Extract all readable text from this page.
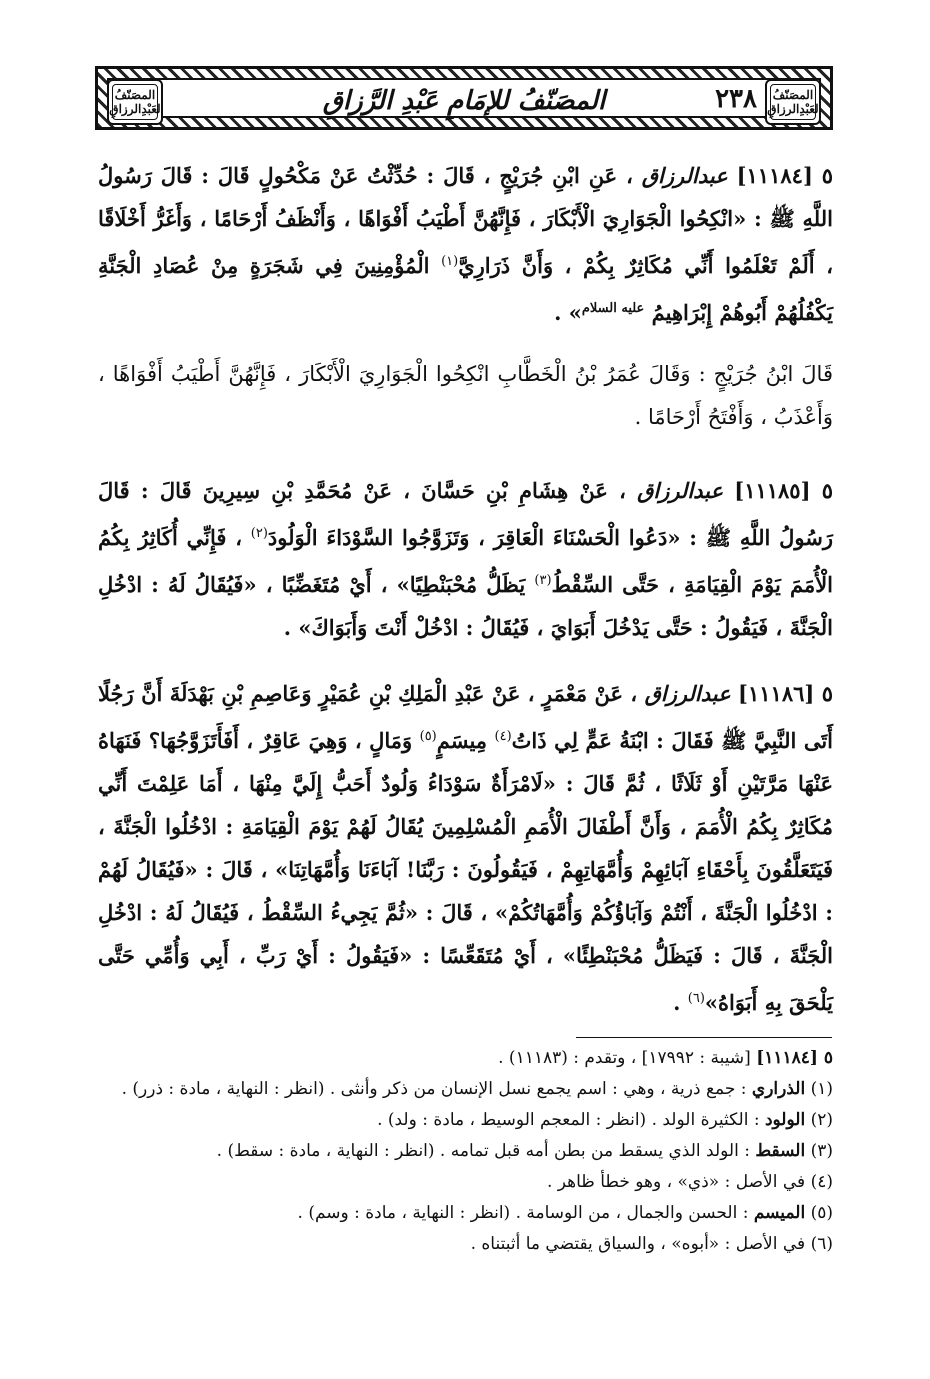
المصَنّفُ لعَبْدِالرزاقِ
المصَنّفُ لعَبْدِالرزاقِ	٢٣٨
المصَنّفُ للإمَامِ عَبْدِ الرَّزاقِ
٥ [١١١٨٤] عبدالرزاق ، عَنِ ابْنِ جُرَيْجٍ ، قَالَ : حُدِّثْتُ عَنْ مَكْحُولٍ قَالَ : قَالَ رَسُولُ اللَّهِ ﷺ : «انْكِحُوا الْجَوَارِيَ الْأَبْكَارَ ، فَإِنَّهُنَّ أَطْيَبُ أَفْوَاهًا ، وَأَنْظَفُ أَرْحَامًا ، وَأَغَرُّ أَخْلَاقًا ، أَلَمْ تَعْلَمُوا أَنِّي مُكَاثِرٌ بِكُمْ ، وَأَنَّ ذَرَارِيَّ$^{(١)}$ الْمُؤْمِنِينَ فِي شَجَرَةٍ مِنْ عُصَادِ الْجَنَّةِ يَكْفُلُهُمْ أَبُوهُمْ إِبْرَاهِيمُ $^{عليه السلام}$» .
قَالَ ابْنُ جُرَيْجٍ : وَقَالَ عُمَرُ بْنُ الْخَطَّابِ انْكِحُوا الْجَوَارِيَ الْأَبْكَارَ ، فَإِنَّهُنَّ أَطْيَبُ أَفْوَاهًا ، وَأَعْذَبُ ، وَأَفْتَحُ أَرْحَامًا .
٥ [١١١٨٥] عبدالرزاق ، عَنْ هِشَامِ بْنِ حَسَّانَ ، عَنْ مُحَمَّدِ بْنِ سِيرِينَ قَالَ : قَالَ رَسُولُ اللَّهِ ﷺ : «دَعُوا الْحَسْنَاءَ الْعَاقِرَ ، وَتَزَوَّجُوا السَّوْدَاءَ الْوَلُودَ$^{(٢)}$ ، فَإِنِّي أُكَاثِرُ بِكُمُ الْأُمَمَ يَوْمَ الْقِيَامَةِ ، حَتَّى السِّقْطُ$^{(٣)}$ يَظَلُّ مُحْبَنْطِيًا» ، أَيْ مُتَغَضِّبًا ، «فَيُقَالُ لَهُ : ادْخُلِ الْجَنَّةَ ، فَيَقُولُ : حَتَّى يَدْخُلَ أَبَوَايَ ، فَيُقَالُ : ادْخُلْ أَنْتَ وَأَبَوَاكَ» .
٥ [١١١٨٦] عبدالرزاق ، عَنْ مَعْمَرٍ ، عَنْ عَبْدِ الْمَلِكِ بْنِ عُمَيْرٍ وَعَاصِمِ بْنِ بَهْدَلَةَ أَنَّ رَجُلًا أَتَى النَّبِيَّ ﷺ فَقَالَ : ابْنَةُ عَمٍّ لِي ذَاتُ$^{(٤)}$ مِيسَمٍ$^{(٥)}$ وَمَالٍ ، وَهِيَ عَاقِرٌ ، أَفَأَتَزَوَّجُهَا؟ فَنَهَاهُ عَنْهَا مَرَّتَيْنِ أَوْ ثَلَاثًا ، ثُمَّ قَالَ : «لَامْرَأَةٌ سَوْدَاءُ وَلُودٌ أَحَبُّ إِلَيَّ مِنْهَا ، أَمَا عَلِمْتَ أَنِّي مُكَاثِرٌ بِكُمُ الْأُمَمَ ، وَأَنَّ أَطْفَالَ الْأُمَمِ الْمُسْلِمِينَ يُقَالُ لَهُمْ يَوْمَ الْقِيَامَةِ : ادْخُلُوا الْجَنَّةَ ، فَيَتَعَلَّقُونَ بِأَحْقَاءِ آبَائِهِمْ وَأُمَّهَاتِهِمْ ، فَيَقُولُونَ : رَبَّنَا! آبَاءَنَا وَأُمَّهَاتِنَا» ، قَالَ : «فَيُقَالُ لَهُمْ : ادْخُلُوا الْجَنَّةَ ، أَنْتُمْ وَآبَاؤُكُمْ وَأُمَّهَاتُكُمْ» ، قَالَ : «ثُمَّ يَجِيءُ السِّقْطُ ، فَيُقَالُ لَهُ : ادْخُلِ الْجَنَّةَ ، قَالَ : فَيَظَلُّ مُحْبَنْطِئًا» ، أَيْ مُتَقَعِّسًا : «فَيَقُولُ : أَيْ رَبِّ ، أَبِي وَأُمِّي حَتَّى يَلْحَقَ بِهِ أَبَوَاهُ»$^{(٦)}$ .
٥ [١١١٨٤] [شيبة : ١٧٩٩٢] ، وتقدم : (١١١٨٣) .
(١) الذراري : جمع ذرية ، وهي : اسم يجمع نسل الإنسان من ذكر وأنثى . (انظر : النهاية ، مادة : ذرر) .
(٢) الولود : الكثيرة الولد . (انظر : المعجم الوسيط ، مادة : ولد) .
(٣) السقط : الولد الذي يسقط من بطن أمه قبل تمامه . (انظر : النهاية ، مادة : سقط) .
(٤) في الأصل : «ذي» ، وهو خطأ ظاهر .
(٥) الميسم : الحسن والجمال ، من الوسامة . (انظر : النهاية ، مادة : وسم) .
(٦) في الأصل : «أبوه» ، والسياق يقتضي ما أثبتناه .
